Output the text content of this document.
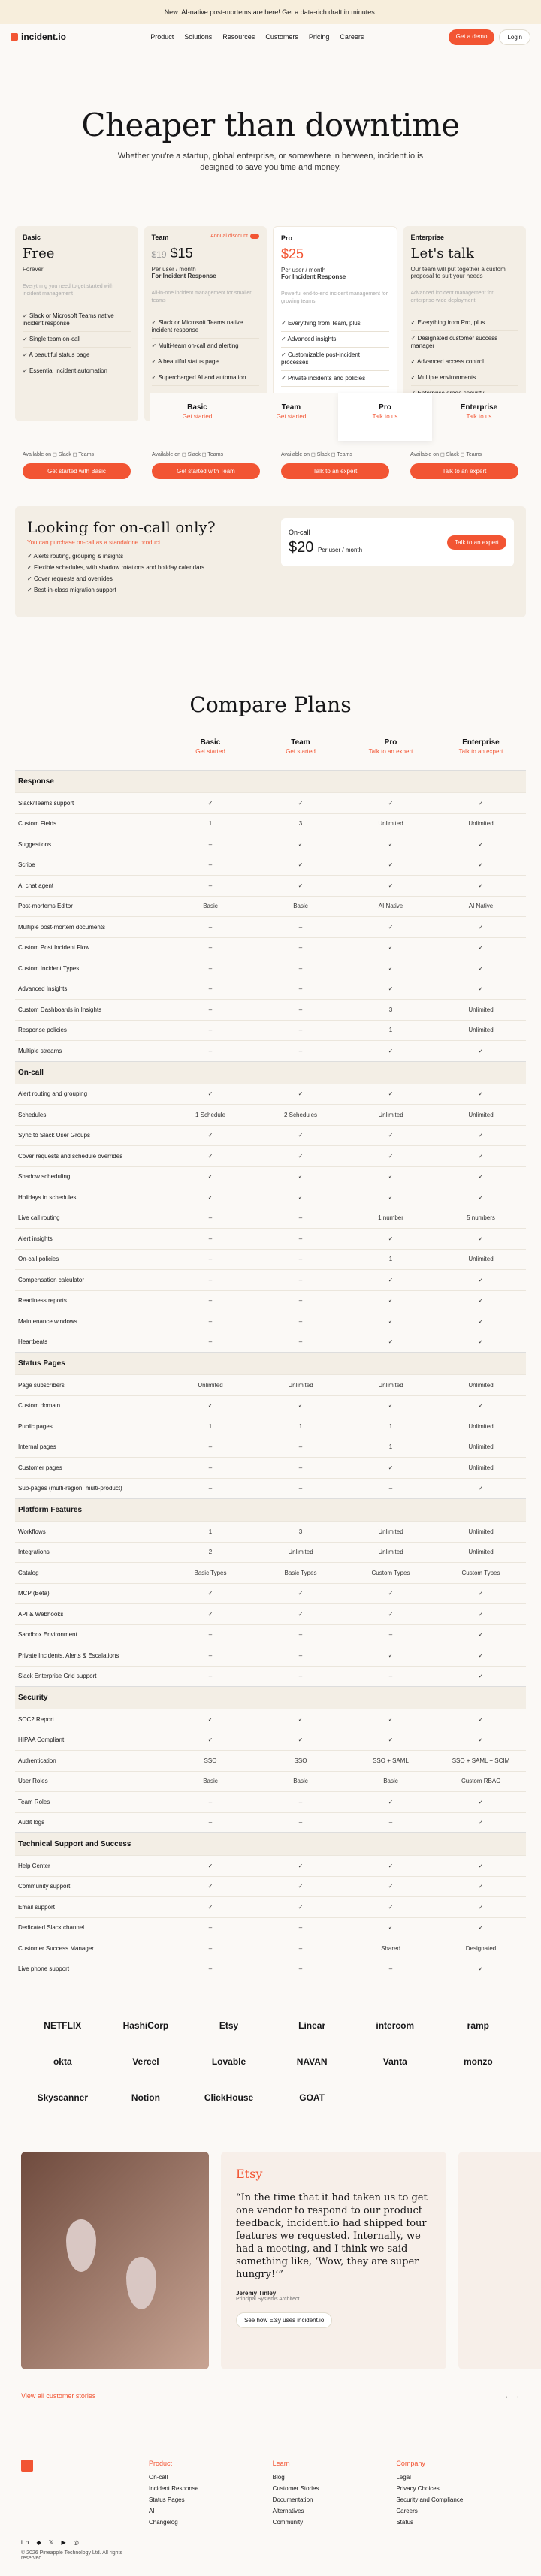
New: AI-native post-mortems are here! Get a data-rich draft in minutes.
incident.io	Product Solutions Resources Customers Pricing Careers	Get a demo	Login
Cheaper than downtime

Whether you're a startup, global enterprise, or somewhere in between, incident.io is designed to save you time and money.

Basic
Free
Forever
Everything you need to get started with incident management
✓ Slack or Microsoft Teams native incident response
✓ Single team on-call
✓ A beautiful status page
✓ Essential incident automation
Team	Annual discount
$19 $15
Per user / month
For Incident Response
All-in-one incident management for smaller teams
✓ Slack or Microsoft Teams native incident response
✓ Multi-team on-call and alerting
✓ A beautiful status page
✓ Supercharged AI and automation
Pro
$25
Per user / month
For Incident Response
Powerful end-to-end incident management for growing teams
✓ Everything from Team, plus
✓ Advanced insights
✓ Customizable post-incident processes
✓ Private incidents and policies
Enterprise
Let's talk
Our team will put together a custom proposal to suit your needs
Advanced incident management for enterprise-wide deployment
✓ Everything from Pro, plus
✓ Designated customer success manager
✓ Advanced access control
✓ Multiple environments
✓
Basic
Get started
Team
Get started
Pro
Talk to us
Enterprise
Talk to us
Available on ◻ Slack ◻ Teams
Get started with Basic
Available on ◻ Slack ◻ Teams
Get started with Team
Available on ◻ Slack ◻ Teams
Talk to an expert
Available on ◻ Slack ◻ Teams
Talk to an expert
Looking for on-call only?
You can purchase on-call as a standalone product.
✓ Alerts routing, grouping & insights
✓ Flexible schedules, with shadow rotations and holiday calendars
✓ Cover requests and overrides
✓ Best-in-class migration support
On-call
$20 Per user / month
Talk to an expert
Compare Plans
Basic
Get started
Team
Get started
Pro
Talk to an expert
Enterprise
Talk to an expert
Response
Slack/Teams support	✓	✓	✓	✓
Custom Fields	1	3	Unlimited	Unlimited
Suggestions	–	✓	✓	✓
Scribe	–	✓	✓	✓
AI chat agent	–	✓	✓	✓
Post-mortems Editor	Basic	Basic	AI Native	AI Native
Multiple post-mortem documents	–	–	✓	✓
Custom Post Incident Flow	–	–	✓	✓
Custom Incident Types	–	–	✓	✓
Advanced Insights	–	–	✓	✓
Custom Dashboards in Insights	–	–	3	Unlimited
Response policies	–	–	1	Unlimited
Multiple streams	–	–	✓	✓
On-call
Alert routing and grouping	✓	✓	✓	✓
Schedules	1 Schedule	2 Schedules	Unlimited	Unlimited
Sync to Slack User Groups	✓	✓	✓	✓
Cover requests and schedule overrides	✓	✓	✓	✓
Shadow scheduling	✓	✓	✓	✓
Holidays in schedules	✓	✓	✓	✓
Live call routing	–	–	1 number	5 numbers
Alert insights	–	–	✓	✓
On-call policies	–	–	1	Unlimited
Compensation calculator	–	–	✓	✓
Readiness reports	–	–	✓	✓
Maintenance windows	–	–	✓	✓
Heartbeats	–	–	✓	✓
Status Pages
Page subscribers	Unlimited	Unlimited	Unlimited	Unlimited
Custom domain	✓	✓	✓	✓
Public pages	1	1	1	Unlimited
Internal pages	–	–	1	Unlimited
Customer pages	–	–	✓	Unlimited
Sub-pages (multi-region, multi-product)	–	–	–	✓
Platform Features
Workflows	1	3	Unlimited	Unlimited
Integrations	2	Unlimited	Unlimited	Unlimited
Catalog	Basic Types	Basic Types	Custom Types	Custom Types
MCP (Beta)	✓	✓	✓	✓
API & Webhooks	✓	✓	✓	✓
Sandbox Environment	–	–	–	✓
Private Incidents, Alerts & Escalations	–	–	✓	✓
Slack Enterprise Grid support	–	–	–	✓
Security
SOC2 Report	✓	✓	✓	✓
HIPAA Compliant	✓	✓	✓	✓
Authentication	SSO	SSO	SSO + SAML	SSO + SAML + SCIM
User Roles	Basic	Basic	Basic	Custom RBAC
Team Roles	–	–	✓	✓
Audit logs	–	–	–	✓
Technical Support and Success
Help Center	✓	✓	✓	✓
Community support	✓	✓	✓	✓
Email support	✓	✓	✓	✓
Dedicated Slack channel	–	–	✓	✓
Customer Success Manager	–	–	Shared	Designated
Live phone support	–	–	–	✓
NETFLIX	HashiCorp	Etsy	Linear	intercom	ramp
okta	Vercel	Lovable	NAVAN	Vanta	monzo
Skyscanner	Notion	ClickHouse	GOAT
Etsy
“In the time that it had taken us to get one vendor to respond to our product feedback, incident.io had shipped four features we requested. Internally, we had a meeting, and I think we said something like, ‘Wow, they are super hungry!’”
Jeremy Tinley
Principal Systems Architect
See how Etsy uses incident.io
View all customer stories	← →
in ◆ 𝕏 ▶ ◎
© 2026 Pineapple Technology Ltd. All rights reserved.
Product
On-call
Incident Response
Status Pages
AI
Changelog
Learn
Blog
Customer Stories
Documentation
Alternatives
Community
Company
Legal
Privacy Choices
Security and Compliance
Careers
Status
